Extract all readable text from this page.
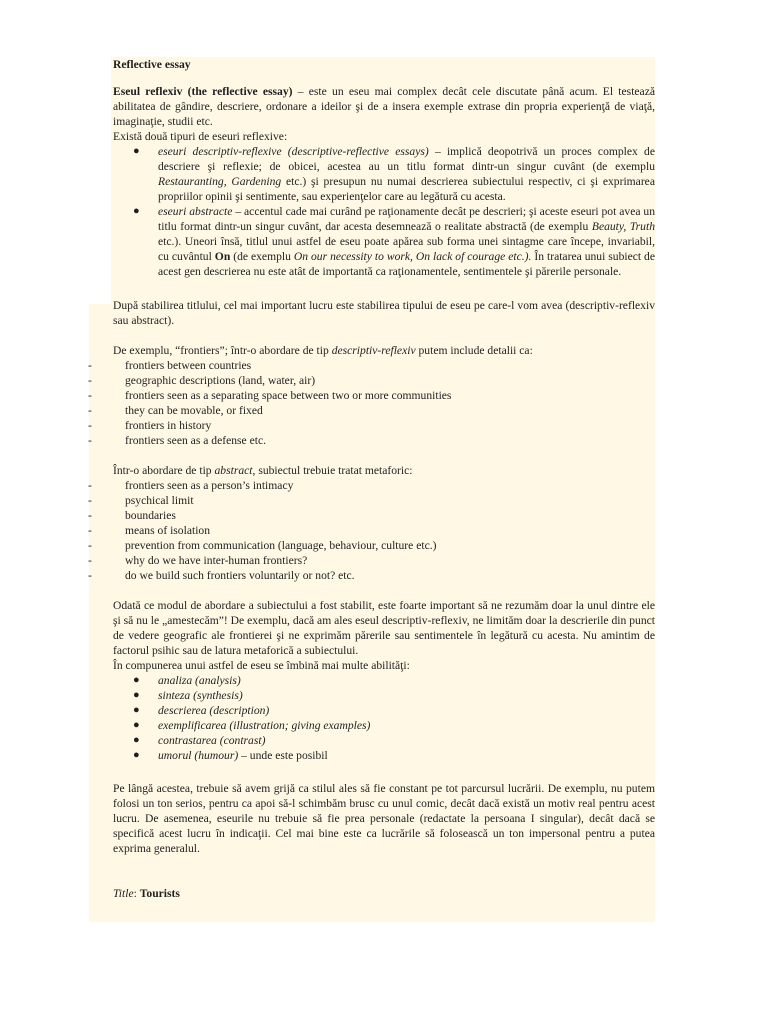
Reflective essay

Eseul reflexiv (the reflective essay) – este un eseu mai complex decât cele discutate până acum. El testează abilitatea de gândire, descriere, ordonare a ideilor şi de a insera exemple extrase din propria experienţă de viaţă, imaginaţie, studii etc.

Există două tipuri de eseuri reflexive:

● eseuri descriptiv-reflexive (descriptive-reflective essays) – implică deopotrivă un proces complex de descriere şi reflexie; de obicei, acestea au un titlu format dintr-un singur cuvânt (de exemplu Restauranting, Gardening etc.) şi presupun nu numai descrierea subiectului respectiv, ci şi exprimarea propriilor opinii şi sentimente, sau experienţelor care au legătură cu acesta.
● eseuri abstracte – accentul cade mai curând pe raţionamente decât pe descrieri; şi aceste eseuri pot avea un titlu format dintr-un singur cuvânt, dar acesta desemnează o realitate abstractă (de exemplu Beauty, Truth etc.). Uneori însă, titlul unui astfel de eseu poate apărea sub forma unei sintagme care începe, invariabil, cu cuvântul On (de exemplu On our necessity to work, On lack of courage etc.). În tratarea unui subiect de acest gen descrierea nu este atât de importantă ca raţionamentele, sentimentele şi părerile personale.

După stabilirea titlului, cel mai important lucru este stabilirea tipului de eseu pe care-l vom avea (descriptiv-reflexiv sau abstract).

De exemplu, “frontiers”; într-o abordare de tip descriptiv-reflexiv putem include detalii ca:

-	frontiers between countries
-	geographic descriptions (land, water, air)
-	frontiers seen as a separating space between two or more communities
-	they can be movable, or fixed
-	frontiers in history
-	frontiers seen as a defense etc.

Într-o abordare de tip abstract, subiectul trebuie tratat metaforic:

-	frontiers seen as a person’s intimacy
-	psychical limit
-	boundaries
-	means of isolation
-	prevention from communication (language, behaviour, culture etc.)
-	why do we have inter-human frontiers?
-	do we build such frontiers voluntarily or not? etc.

Odată ce modul de abordare a subiectului a fost stabilit, este foarte important să ne rezumăm doar la unul dintre ele şi să nu le „amestecăm”! De exemplu, dacă am ales eseul descriptiv-reflexiv, ne limităm doar la descrierile din punct de vedere geografic ale frontierei şi ne exprimăm părerile sau sentimentele în legătură cu acesta. Nu amintim de factorul psihic sau de latura metaforică a subiectului.

În compunerea unui astfel de eseu se îmbină mai multe abilităţi:

● analiza (analysis)
● sinteza (synthesis)
● descrierea (description)
● exemplificarea (illustration; giving examples)
● contrastarea (contrast)
● umorul (humour) – unde este posibil

Pe lângă acestea, trebuie să avem grijă ca stilul ales să fie constant pe tot parcursul lucrării. De exemplu, nu putem folosi un ton serios, pentru ca apoi să-l schimbăm brusc cu unul comic, decât dacă există un motiv real pentru acest lucru. De asemenea, eseurile nu trebuie să fie prea personale (redactate la persoana I singular), decât dacă se specifică acest lucru în indicaţii. Cel mai bine este ca lucrările să folosească un ton impersonal pentru a putea exprima generalul.

Title: Tourists
